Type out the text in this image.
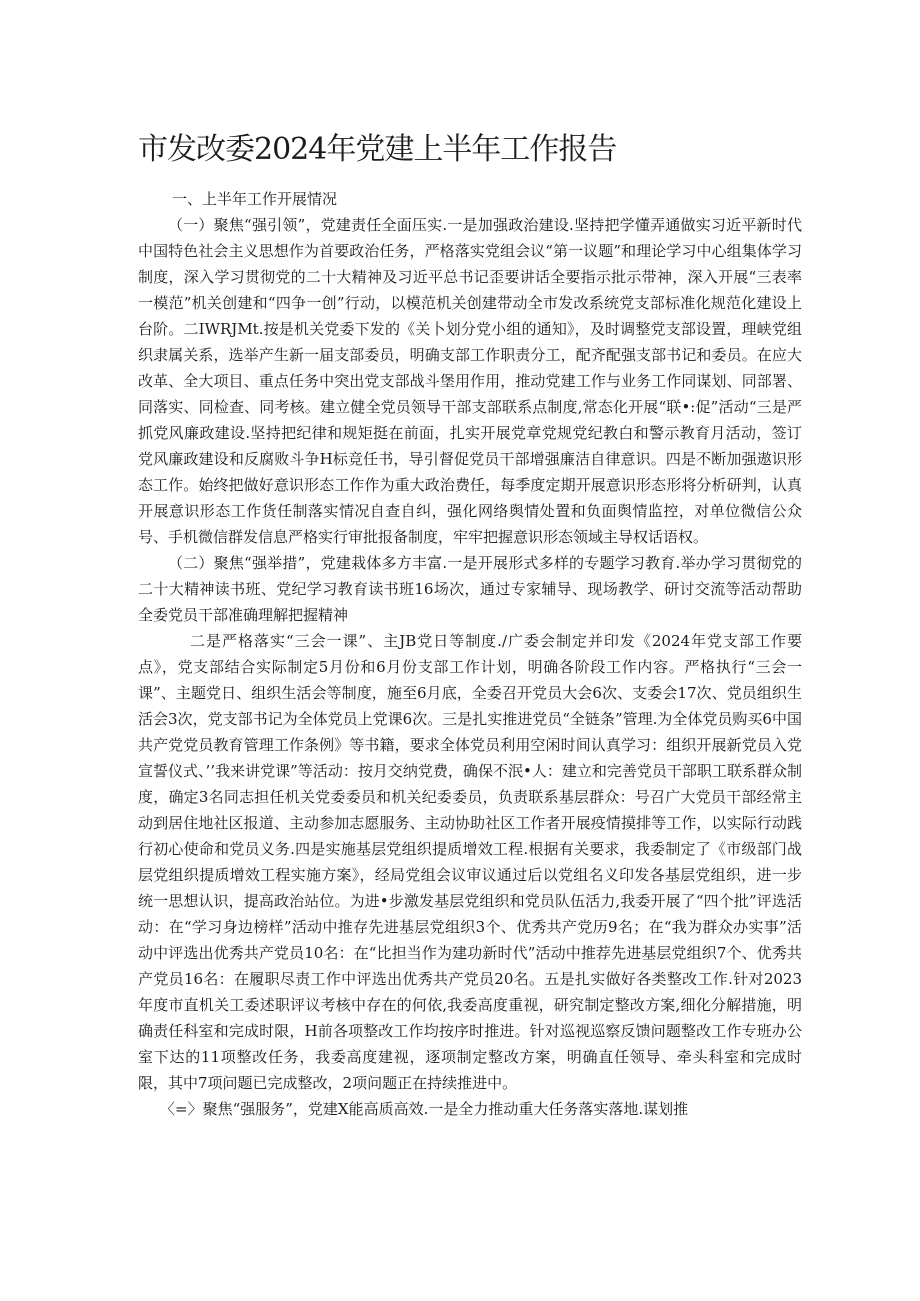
市发改委2024年党建上半年工作报告

一、上半年工作开展情况

（一）聚焦“强引领”，党建责任全面压实.一是加强政治建设.坚持把学懂弄通做实习近平新时代中国特色社会主义思想作为首要政治任务，严格落实党组会议“第一议题”和理论学习中心组集体学习制度，深入学习贯彻党的二十大精神及习近平总书记歪要讲话全要指示批示带神，深入开展“三表率一模范”机关创建和“四争一创”行动，以模范机关创建带动全市发改系统党支部标准化规范化建设上台阶。二IWRJMt.按是机关党委下发的《关卜划分党小组的通知》，及时调整党支部设置，理峡党组织隶属关系，选举产生新一届支部委员，明确支部工作职责分工，配齐配强支部书记和委员。在应大改革、全大项目、重点任务中突出党支部战斗堡用作用，推动党建工作与业务工作同谋划、同部署、同落实、同检查、同考核。建立健全党员领导干部支部联系点制度,常态化开展“联•:促”活动“三是严抓党风廉政建设.坚持把纪律和规矩挺在前面，扎实开展党章党规党纪教白和警示教育月活动，签订党风廉政建设和反腐败斗争H标竞任书，导引督促党员干部增强廉洁自律意识。四是不断加强遨识形态工作。始终把做好意识形态工作作为重大政治费任，每季度定期开展意识形态形将分析研判，认真开展意识形态工作货任制落实情况自查自纠，强化网络舆情处置和负面舆情监控，对单位微信公众号、手机微信群发信息严格实行审批报备制度，牢牢把握意识形态领域主导权话语权。

（二）聚焦“强举措”，党建栽体多方丰富.一是开展形式多样的专题学习教育.举办学习贯彻党的二十大精神读书班、党纪学习教育读书班16场次，通过专家辅导、现场教学、研讨交流等活动帮助全委党员干部准确理解把握精神

二是严格落实“三会一课”、主JB党日等制度./广委会制定并印发《2024年党支部工作要点》，党支部结合实际制定5月份和6月份支部工作计划，明确各阶段工作内容。严格执行“三会一课”、主题党日、组织生活会等制度，施至6月底，全委召开党员大会6次、支委会17次、党员组织生活会3次，党支部书记为全体党员上党课6次。三是扎实推进党员“全链条”管理.为全体党员购买6中国共产党党员教育管理工作条例》等书籍，要求全体党员利用空闲时间认真学习：组织开展新党员入党宣誓仪式、’’我来讲党课”等活动：按月交纳党费，确保不泯•人：建立和完善党员干部职工联系群众制度，确定3名同志担任机关党委委员和机关纪委委员，负责联系基层群众：号召广大党员干部经常主动到居住地社区报道、主动参加志愿服务、主动协助社区工作者开展疫情摸排等工作，以实际行动践行初心使命和党员义务.四是实施基层党组织提质增效工程.根据有关要求，我委制定了《市级部门战层党组织提质增效工程实施方案》，经局党组会议审议通过后以党组名义印发各基层党组织，进一步统一思想认识，提高政治站位。为进•步激发基层党组织和党员队伍活力,我委开展了“四个批”评选活动：在“学习身边榜样”活动中推存先进基层党组织3个、优秀共产党历9名；在“我为群众办实事”活动中评选出优秀共产党员10名：在“比担当作为建功新时代”活动中推荐先进基层党组织7个、优秀共产党员16名：在履职尽责工作中评选出优秀共产党员20名。五是扎实做好各类整改工作.针对2023年度市直机关工委述职评议考核中存在的何依,我委高度重视，研究制定整改方案,细化分解措施，明确责任科室和完成时限，H前各项整改工作均按序时推进。针对巡视巡察反馈问题整改工作专班办公室下达的11项整改任务，我委高度建视，逐项制定整改方案，明确直任领导、牵头科室和完成时限，其中7项问题已完成整改，2项问题正在持续推进中。

〈=〉聚焦“强服务”，党建X能高质高效.一是全力推动重大任务落实落地.谋划推
